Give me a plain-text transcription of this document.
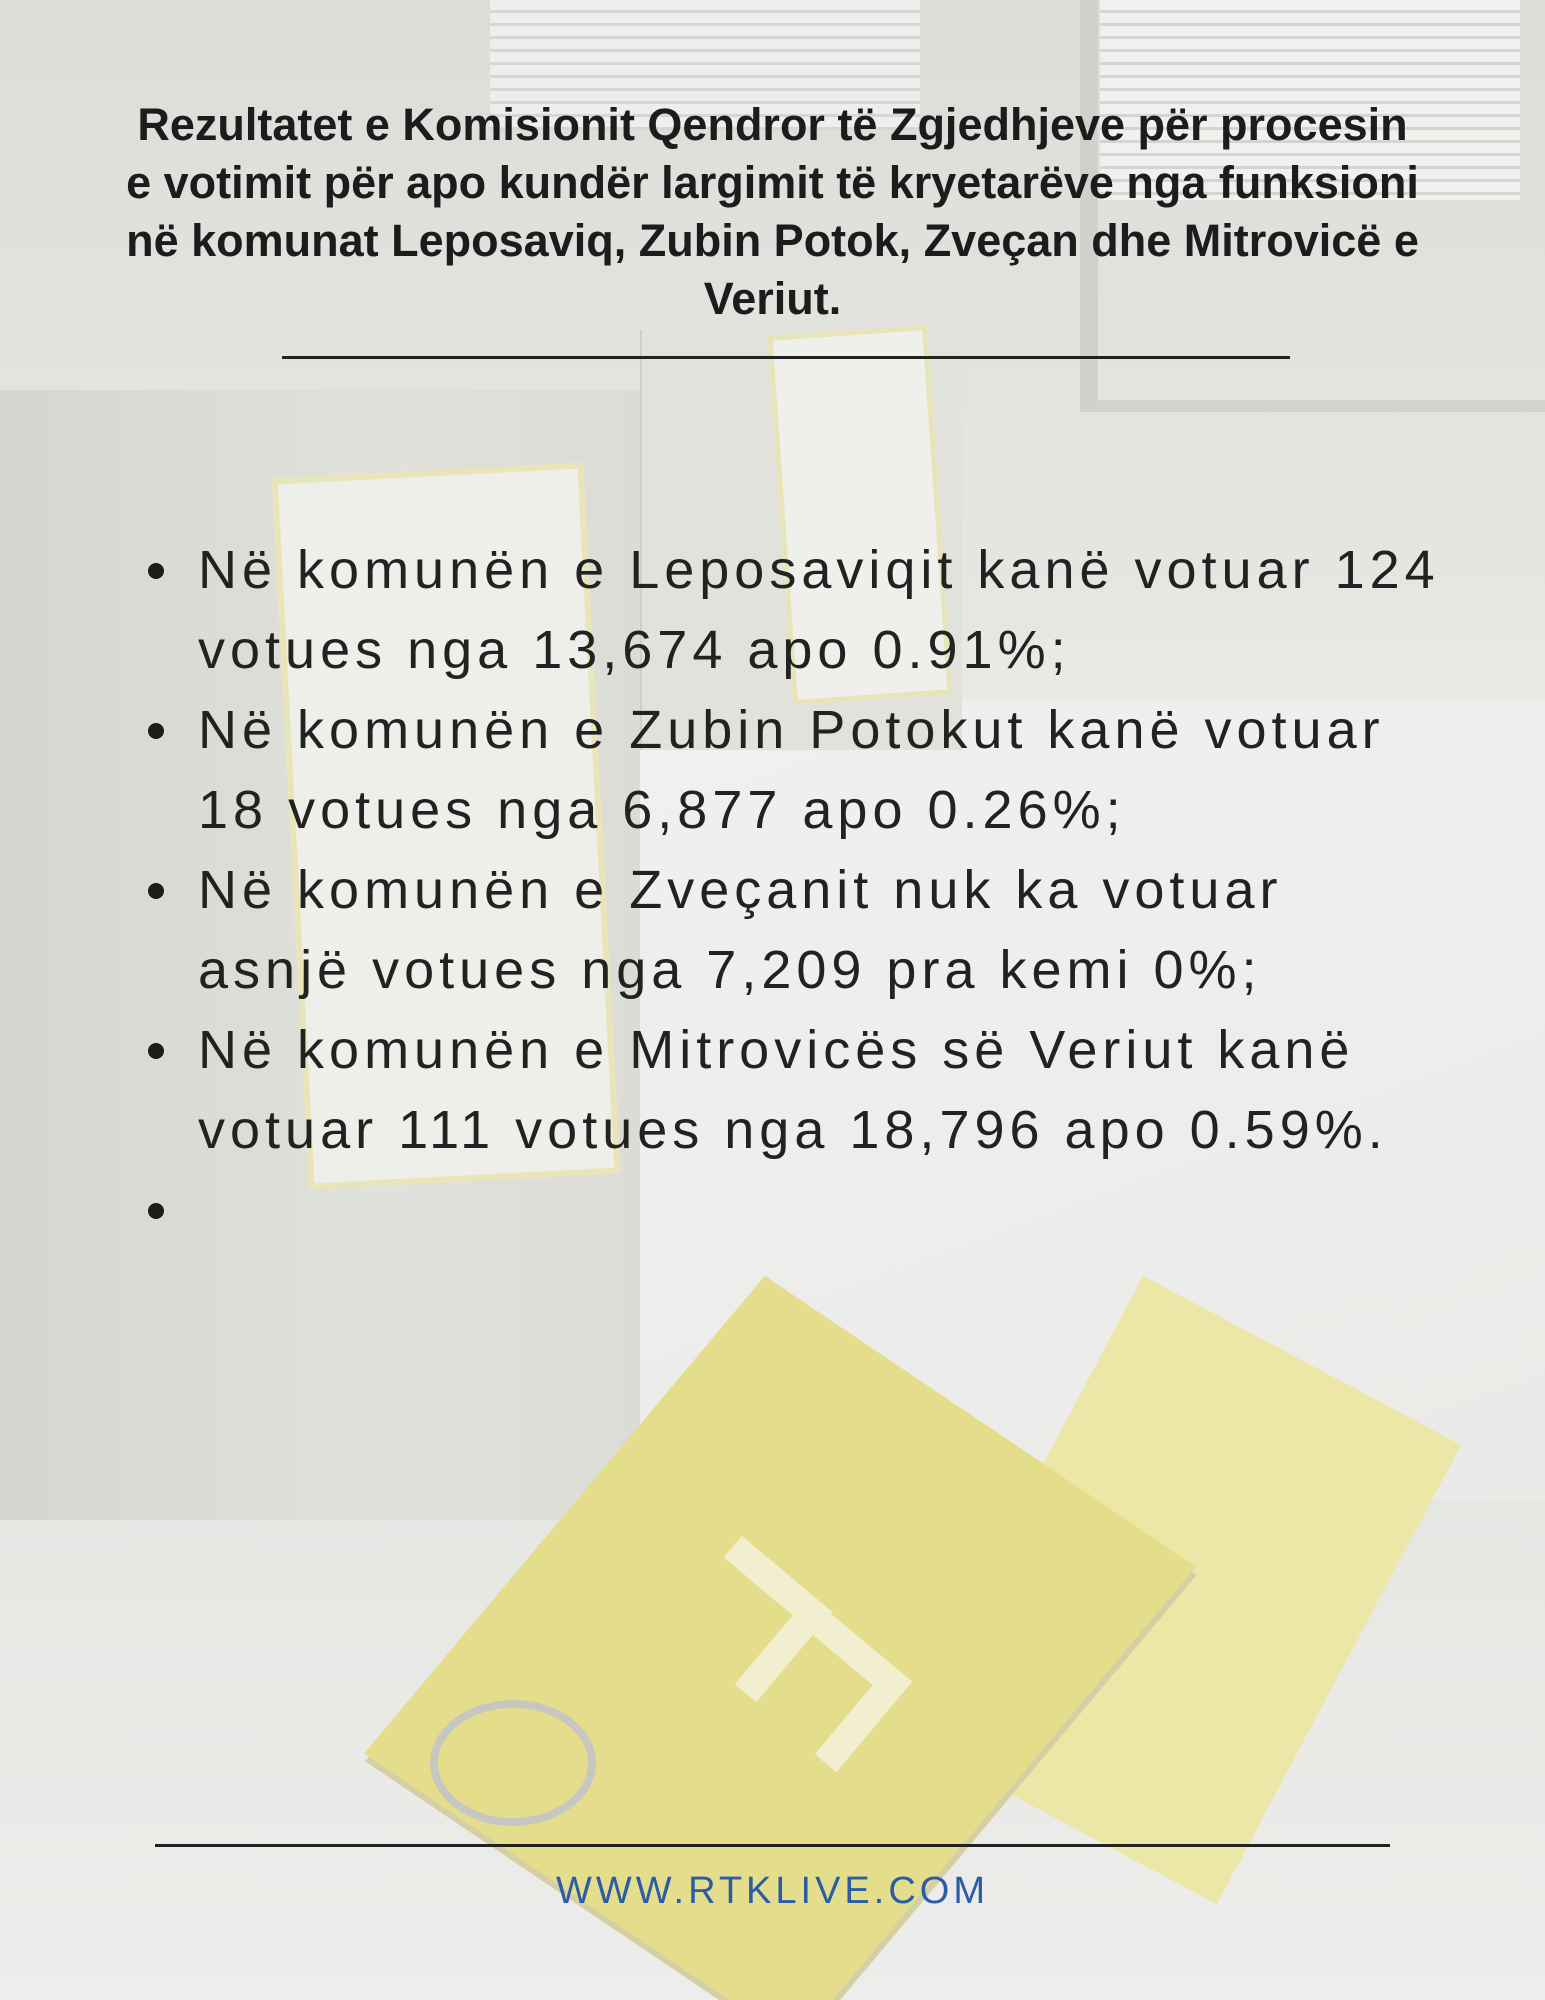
Rezultatet e Komisionit Qendror të Zgjedhjeve për procesin e votimit për apo kundër largimit të kryetarëve nga funksioni në komunat Leposaviq, Zubin Potok, Zveçan dhe Mitrovicë e Veriut.
Në komunën e Leposaviqit kanë votuar 124 votues nga 13,674 apo 0.91%;
Në komunën e Zubin Potokut kanë votuar 18 votues nga 6,877 apo 0.26%;
Në komunën e Zveçanit nuk ka votuar asnjë votues nga 7,209 pra kemi 0%;
Në komunën e Mitrovicës së Veriut kanë votuar 111 votues nga 18,796 apo 0.59%.
WWW.RTKLIVE.COM
